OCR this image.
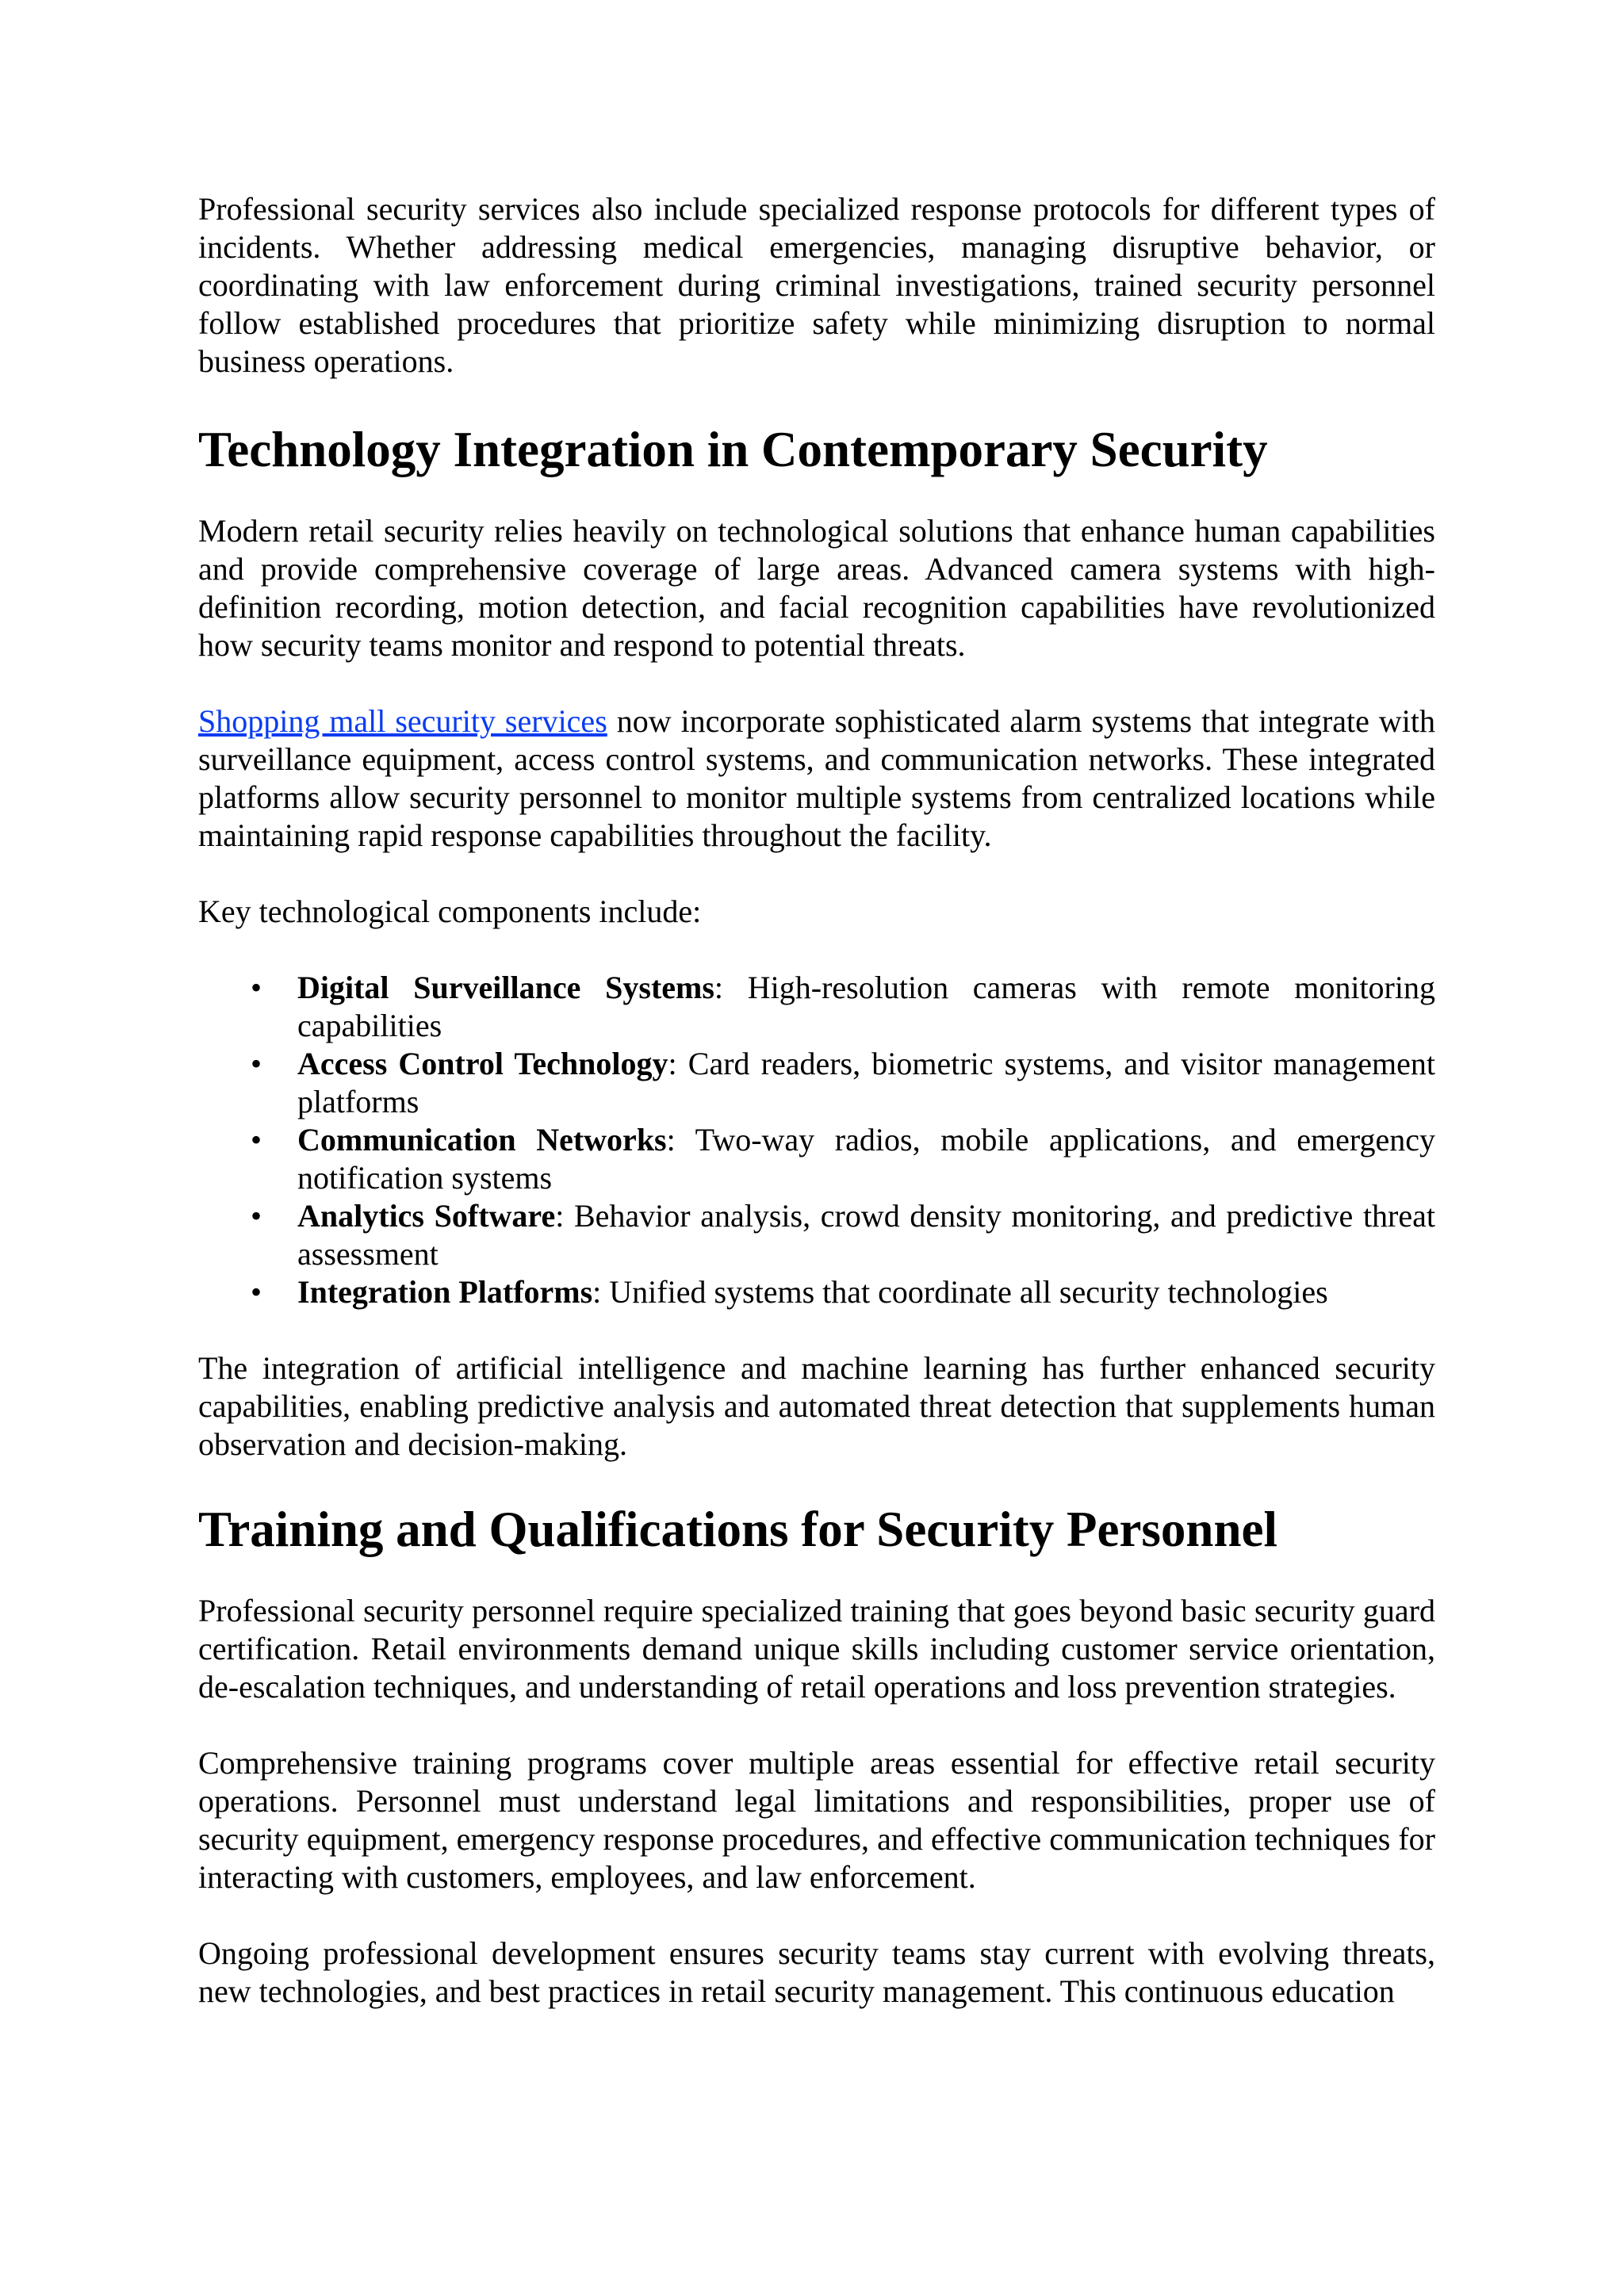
Professional security services also include specialized response protocols for different types of incidents. Whether addressing medical emergencies, managing disruptive behavior, or coordinating with law enforcement during criminal investigations, trained security personnel follow established procedures that prioritize safety while minimizing disruption to normal business operations.

Technology Integration in Contemporary Security

Modern retail security relies heavily on technological solutions that enhance human capabilities and provide comprehensive coverage of large areas. Advanced camera systems with high-definition recording, motion detection, and facial recognition capabilities have revolutionized how security teams monitor and respond to potential threats.

Shopping mall security services now incorporate sophisticated alarm systems that integrate with surveillance equipment, access control systems, and communication networks. These integrated platforms allow security personnel to monitor multiple systems from centralized locations while maintaining rapid response capabilities throughout the facility.

Key technological components include:

• Digital Surveillance Systems: High-resolution cameras with remote monitoring capabilities
• Access Control Technology: Card readers, biometric systems, and visitor management platforms
• Communication Networks: Two-way radios, mobile applications, and emergency notification systems
• Analytics Software: Behavior analysis, crowd density monitoring, and predictive threat assessment
• Integration Platforms: Unified systems that coordinate all security technologies

The integration of artificial intelligence and machine learning has further enhanced security capabilities, enabling predictive analysis and automated threat detection that supplements human observation and decision-making.

Training and Qualifications for Security Personnel

Professional security personnel require specialized training that goes beyond basic security guard certification. Retail environments demand unique skills including customer service orientation, de-escalation techniques, and understanding of retail operations and loss prevention strategies.

Comprehensive training programs cover multiple areas essential for effective retail security operations. Personnel must understand legal limitations and responsibilities, proper use of security equipment, emergency response procedures, and effective communication techniques for interacting with customers, employees, and law enforcement.

Ongoing professional development ensures security teams stay current with evolving threats, new technologies, and best practices in retail security management. This continuous education
